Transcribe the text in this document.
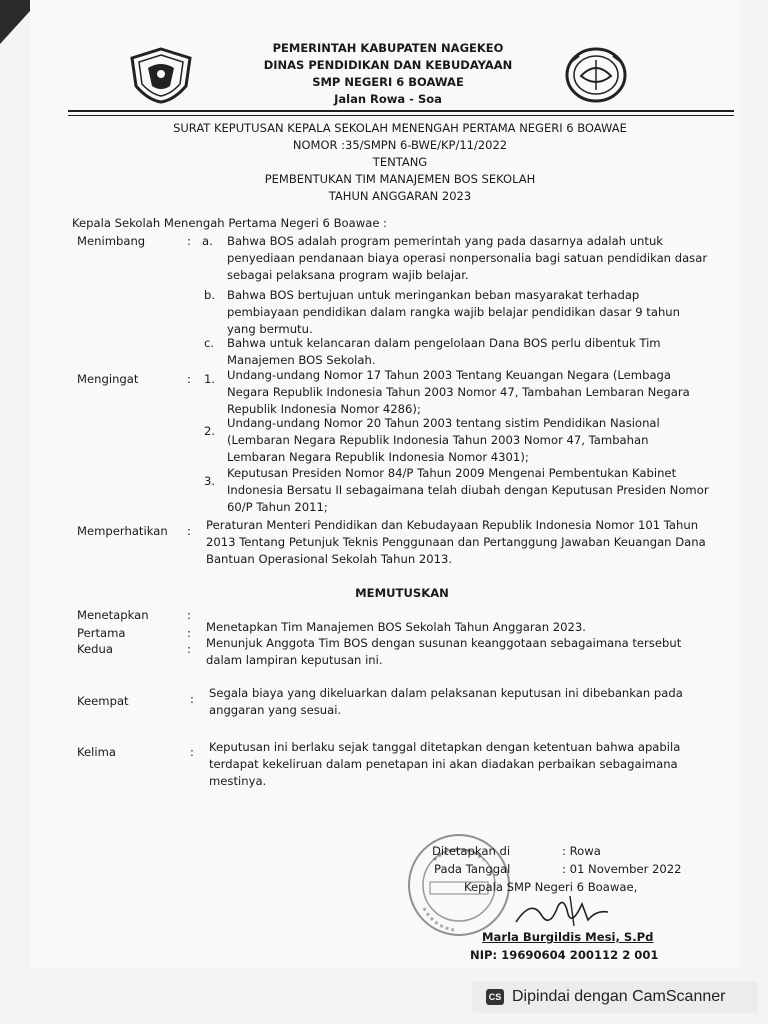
PEMERINTAH KABUPATEN NAGEKEO
DINAS PENDIDIKAN DAN KEBUDAYAAN
SMP NEGERI 6 BOAWAE
Jalan Rowa - Soa
SURAT KEPUTUSAN KEPALA SEKOLAH MENENGAH PERTAMA NEGERI 6 BOAWAE
NOMOR :35/SMPN 6-BWE/KP/11/2022
TENTANG
PEMBENTUKAN TIM MANAJEMEN BOS SEKOLAH
TAHUN ANGGARAN 2023
Kepala Sekolah Menengah Pertama Negeri 6 Boawae :
Menimbang	: a. Bahwa BOS adalah program pemerintah yang pada dasarnya adalah untuk
penyediaan pendanaan biaya operasi nonpersonalia bagi satuan pendidikan dasar
sebagai pelaksana program wajib belajar.
b. Bahwa BOS bertujuan untuk meringankan beban masyarakat terhadap
pembiayaan pendidikan dalam rangka wajib belajar pendidikan dasar 9 tahun
yang bermutu.
c. Bahwa untuk kelancaran dalam pengelolaan Dana BOS perlu dibentuk Tim
Manajemen BOS Sekolah.
Mengingat	: 1. Undang-undang Nomor 17 Tahun 2003 Tentang Keuangan Negara (Lembaga
Negara Republik Indonesia Tahun 2003 Nomor 47, Tambahan Lembaran Negara
Republik Indonesia Nomor 4286);
2.
Undang-undang Nomor 20 Tahun 2003 tentang sistim Pendidikan Nasional
(Lembaran Negara Republik Indonesia Tahun 2003 Nomor 47, Tambahan
Lembaran Negara Republik Indonesia Nomor 4301);
3.
Keputusan Presiden Nomor 84/P Tahun 2009 Mengenai Pembentukan Kabinet
Indonesia Bersatu II sebagaimana telah diubah dengan Keputusan Presiden Nomor
60/P Tahun 2011;
Memperhatikan : Peraturan Menteri Pendidikan dan Kebudayaan Republik Indonesia Nomor 101 Tahun
2013 Tentang Petunjuk Teknis Penggunaan dan Pertanggung Jawaban Keuangan Dana
Bantuan Operasional Sekolah Tahun 2013.
MEMUTUSKAN
Menetapkan	:
Pertama	: Menetapkan Tim Manajemen BOS Sekolah Tahun Anggaran 2023.
Kedua	: Menunjuk Anggota Tim BOS dengan susunan keanggotaan sebagaimana tersebut
dalam lampiran keputusan ini.
Keempat	: Segala biaya yang dikeluarkan dalam pelaksanan keputusan ini dibebankan pada
anggaran yang sesuai.
Kelima	: Keputusan ini berlaku sejak tanggal ditetapkan dengan ketentuan bahwa apabila
terdapat kekeliruan dalam penetapan ini akan diadakan perbaikan sebagaimana
mestinya.
Ditetapkan di	: Rowa
Pada Tanggal	: 01 November 2022
Kepala SMP Negeri 6 Boawae,
Marla Burgildis Mesi, S.Pd
NIP: 19690604 200112 2 001
CS Dipindai dengan CamScanner
